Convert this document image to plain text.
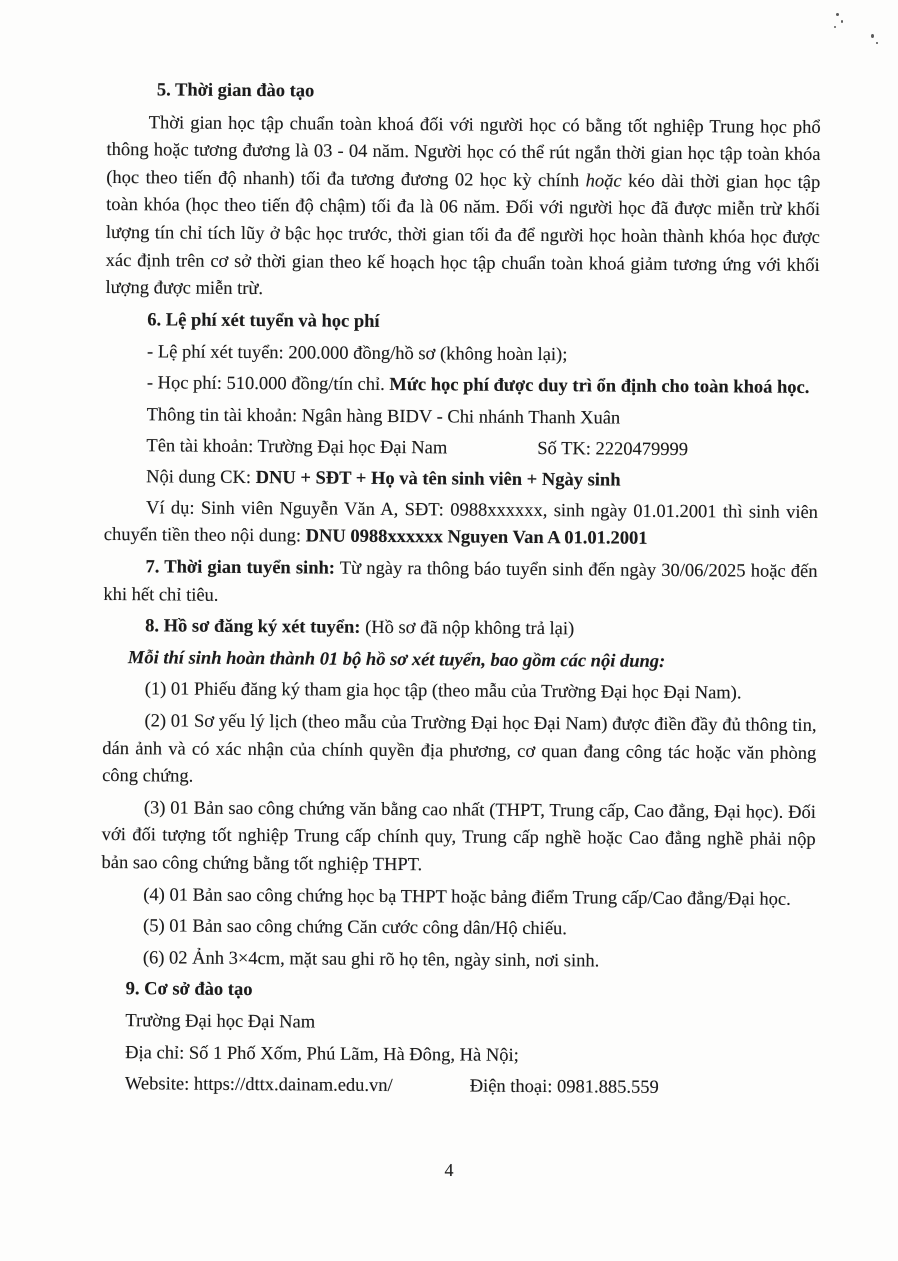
5. Thời gian đào tạo

Thời gian học tập chuẩn toàn khoá đối với người học có bằng tốt nghiệp Trung học phổ thông hoặc tương đương là 03 - 04 năm. Người học có thể rút ngắn thời gian học tập toàn khóa (học theo tiến độ nhanh) tối đa tương đương 02 học kỳ chính hoặc kéo dài thời gian học tập toàn khóa (học theo tiến độ chậm) tối đa là 06 năm. Đối với người học đã được miễn trừ khối lượng tín chỉ tích lũy ở bậc học trước, thời gian tối đa để người học hoàn thành khóa học được xác định trên cơ sở thời gian theo kế hoạch học tập chuẩn toàn khoá giảm tương ứng với khối lượng được miễn trừ.

6. Lệ phí xét tuyển và học phí

- Lệ phí xét tuyển: 200.000 đồng/hồ sơ (không hoàn lại);

- Học phí: 510.000 đồng/tín chỉ. Mức học phí được duy trì ổn định cho toàn khoá học.

Thông tin tài khoản: Ngân hàng BIDV - Chi nhánh Thanh Xuân

Tên tài khoản: Trường Đại học Đại Nam	Số TK: 2220479999

Nội dung CK: DNU + SĐT + Họ và tên sinh viên + Ngày sinh

Ví dụ: Sinh viên Nguyễn Văn A, SĐT: 0988xxxxxx, sinh ngày 01.01.2001 thì sinh viên chuyển tiền theo nội dung: DNU 0988xxxxxx Nguyen Van A 01.01.2001

7. Thời gian tuyển sinh: Từ ngày ra thông báo tuyển sinh đến ngày 30/06/2025 hoặc đến khi hết chỉ tiêu.

8. Hồ sơ đăng ký xét tuyển: (Hồ sơ đã nộp không trả lại)

Mỗi thí sinh hoàn thành 01 bộ hồ sơ xét tuyển, bao gồm các nội dung:

(1) 01 Phiếu đăng ký tham gia học tập (theo mẫu của Trường Đại học Đại Nam).

(2) 01 Sơ yếu lý lịch (theo mẫu của Trường Đại học Đại Nam) được điền đầy đủ thông tin, dán ảnh và có xác nhận của chính quyền địa phương, cơ quan đang công tác hoặc văn phòng công chứng.

(3) 01 Bản sao công chứng văn bằng cao nhất (THPT, Trung cấp, Cao đẳng, Đại học). Đối với đối tượng tốt nghiệp Trung cấp chính quy, Trung cấp nghề hoặc Cao đẳng nghề phải nộp bản sao công chứng bằng tốt nghiệp THPT.

(4) 01 Bản sao công chứng học bạ THPT hoặc bảng điểm Trung cấp/Cao đẳng/Đại học.

(5) 01 Bản sao công chứng Căn cước công dân/Hộ chiếu.

(6) 02 Ảnh 3×4cm, mặt sau ghi rõ họ tên, ngày sinh, nơi sinh.

9. Cơ sở đào tạo

Trường Đại học Đại Nam

Địa chỉ: Số 1 Phố Xốm, Phú Lãm, Hà Đông, Hà Nội;

Website: https://dttx.dainam.edu.vn/	Điện thoại: 0981.885.559

4
